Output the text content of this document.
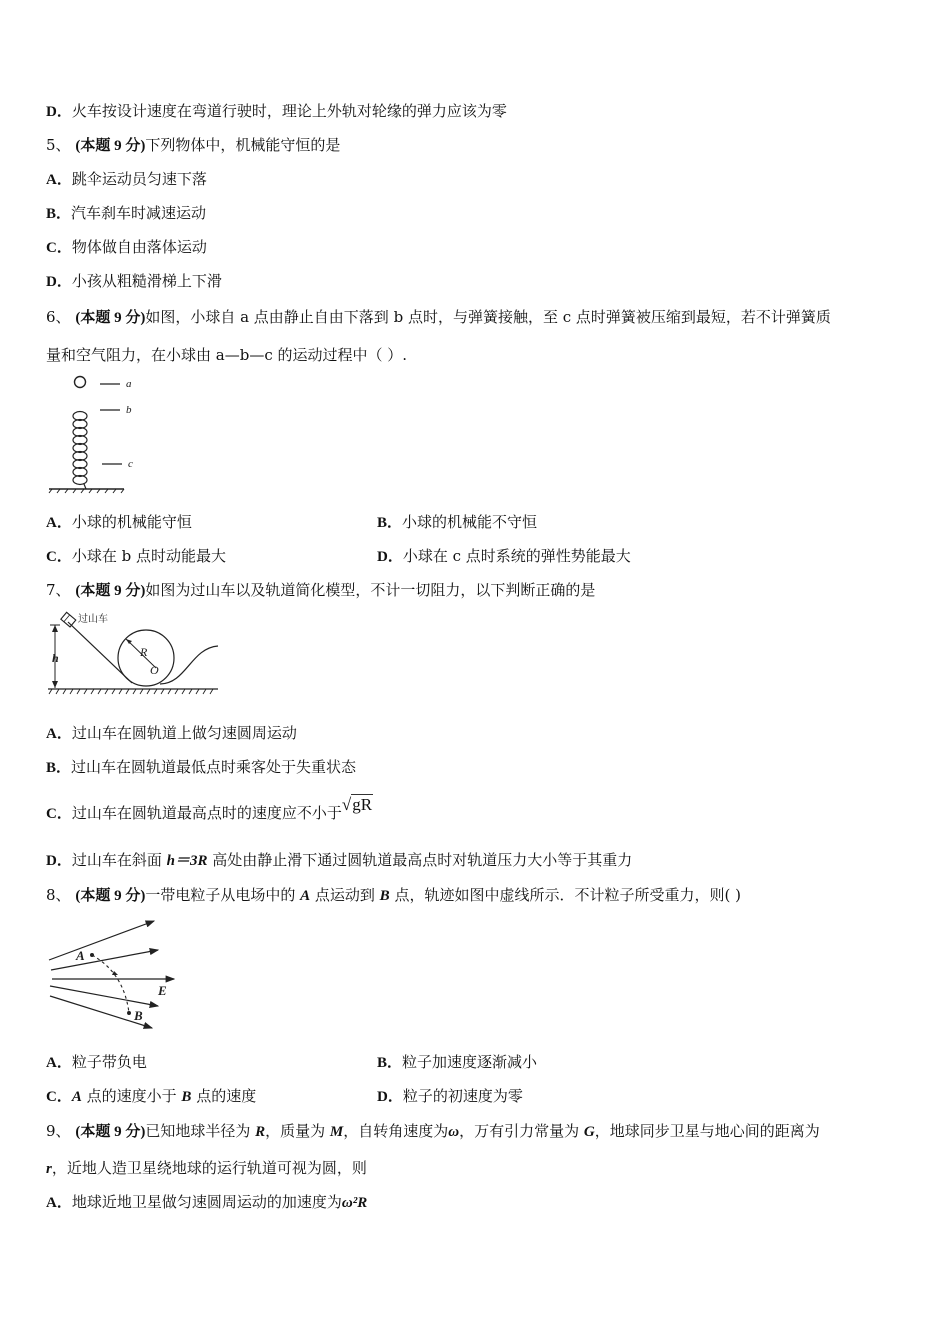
D．火车按设计速度在弯道行驶时，理论上外轨对轮缘的弹力应该为零
5、 (本题 9 分)下列物体中，机械能守恒的是
A．跳伞运动员匀速下落
B．汽车刹车时减速运动
C．物体做自由落体运动
D．小孩从粗糙滑梯上下滑
6、 (本题 9 分)如图，小球自 a 点由静止自由下落到 b 点时，与弹簧接触，至 c 点时弹簧被压缩到最短，若不计弹簧质
量和空气阻力，在小球由 a—b—c 的运动过程中（ ）.
a
b
c
A．小球的机械能守恒	B．小球的机械能不守恒
C．小球在 b 点时动能最大	D．小球在 c 点时系统的弹性势能最大
7、 (本题 9 分)如图为过山车以及轨道简化模型，不计一切阻力，以下判断正确的是
过山车
R
O
h
A．过山车在圆轨道上做匀速圆周运动
B．过山车在圆轨道最低点时乘客处于失重状态
C．过山车在圆轨道最高点时的速度应不小于√gR
D．过山车在斜面 h＝3R 高处由静止滑下通过圆轨道最高点时对轨道压力大小等于其重力
8、 (本题 9 分)一带电粒子从电场中的 A 点运动到 B 点，轨迹如图中虚线所示．不计粒子所受重力，则( )
A
B
E
A．粒子带负电	B．粒子加速度逐渐减小
C．A 点的速度小于 B 点的速度	D．粒子的初速度为零
9、 (本题 9 分)已知地球半径为 R，质量为 M，自转角速度为ω，万有引力常量为 G，地球同步卫星与地心间的距离为
r，近地人造卫星绕地球的运行轨道可视为圆，则
A．地球近地卫星做匀速圆周运动的加速度为ω²R
